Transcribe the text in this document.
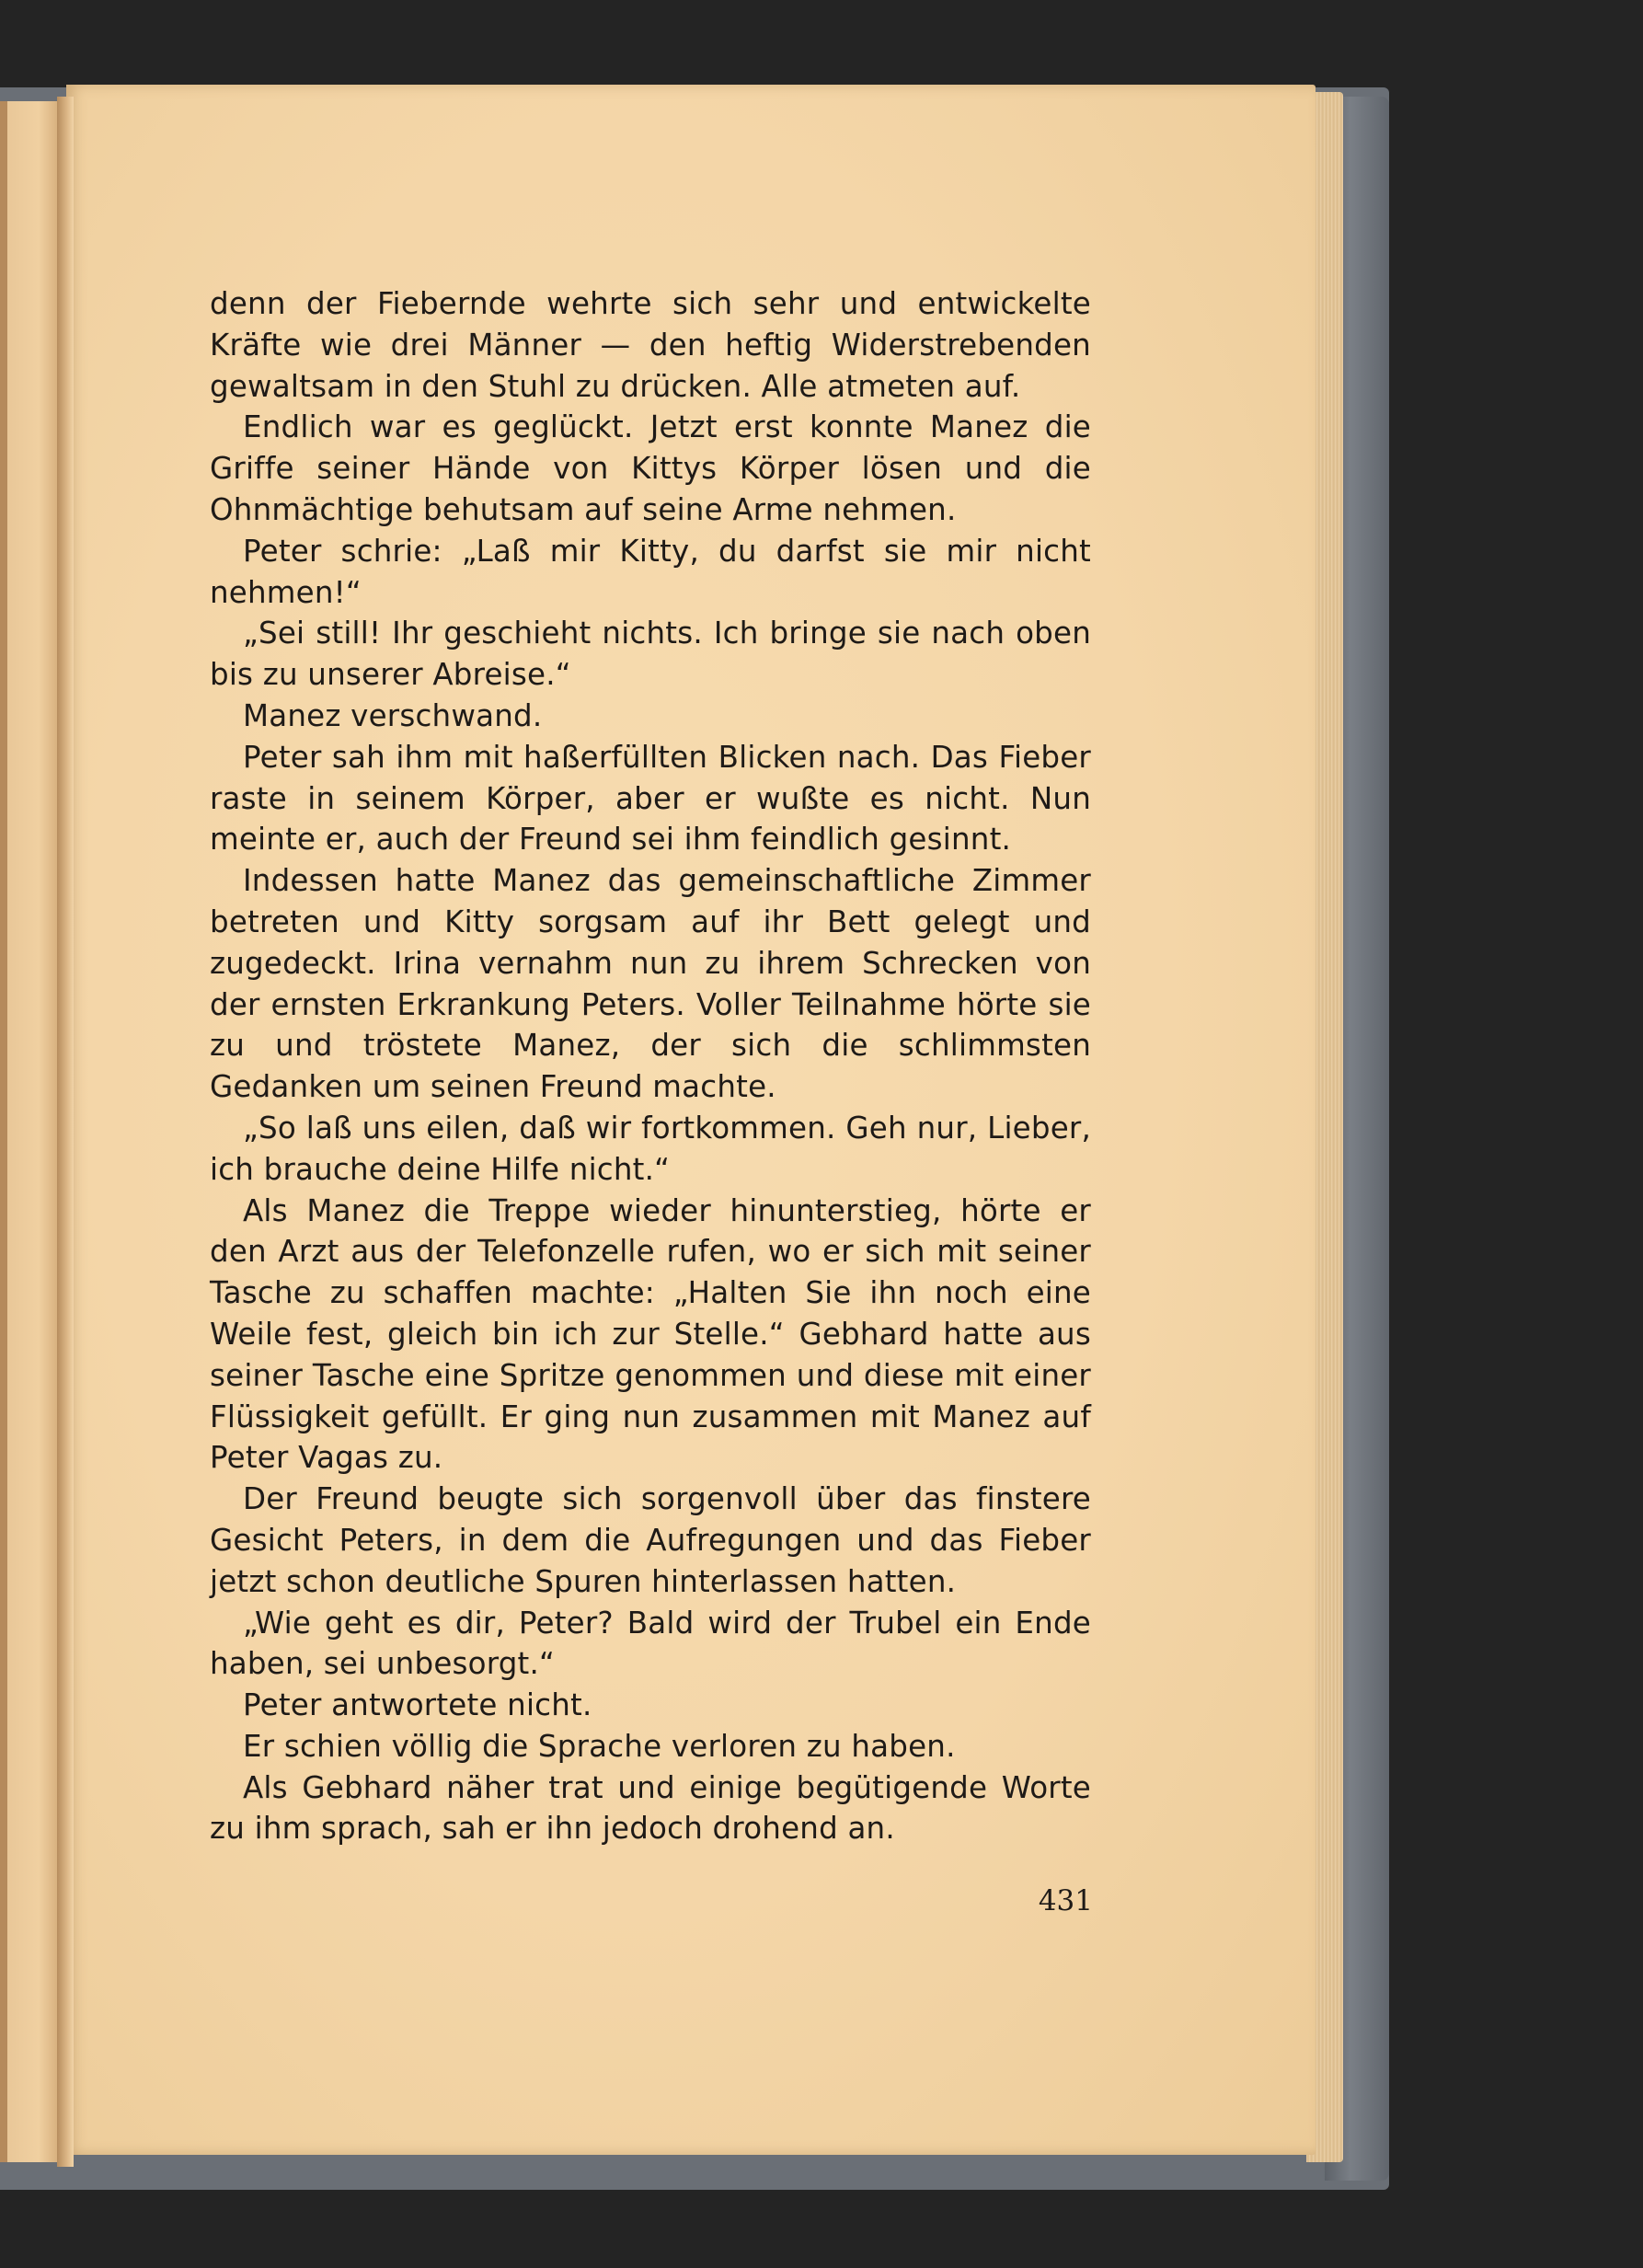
denn der Fiebernde wehrte sich sehr und entwickelte Kräfte wie drei Männer — den heftig Widerstrebenden gewaltsam in den Stuhl zu drücken. Alle atmeten auf.

Endlich war es geglückt. Jetzt erst konnte Manez die Griffe seiner Hände von Kittys Körper lösen und die Ohnmächtige behutsam auf seine Arme nehmen.

Peter schrie: „Laß mir Kitty, du darfst sie mir nicht nehmen!“

„Sei still! Ihr geschieht nichts. Ich bringe sie nach oben bis zu unserer Abreise.“

Manez verschwand.

Peter sah ihm mit haßerfüllten Blicken nach. Das Fieber raste in seinem Körper, aber er wußte es nicht. Nun meinte er, auch der Freund sei ihm feindlich gesinnt.

Indessen hatte Manez das gemeinschaftliche Zimmer betreten und Kitty sorgsam auf ihr Bett gelegt und zugedeckt. Irina vernahm nun zu ihrem Schrecken von der ernsten Erkrankung Peters. Voller Teilnahme hörte sie zu und tröstete Manez, der sich die schlimmsten Gedanken um seinen Freund machte.

„So laß uns eilen, daß wir fortkommen. Geh nur, Lieber, ich brauche deine Hilfe nicht.“

Als Manez die Treppe wieder hinunterstieg, hörte er den Arzt aus der Telefonzelle rufen, wo er sich mit seiner Tasche zu schaffen machte: „Halten Sie ihn noch eine Weile fest, gleich bin ich zur Stelle.“ Gebhard hatte aus seiner Tasche eine Spritze genommen und diese mit einer Flüssigkeit gefüllt. Er ging nun zusammen mit Manez auf Peter Vagas zu.

Der Freund beugte sich sorgenvoll über das finstere Gesicht Peters, in dem die Aufregungen und das Fieber jetzt schon deutliche Spuren hinterlassen hatten.

„Wie geht es dir, Peter? Bald wird der Trubel ein Ende haben, sei unbesorgt.“

Peter antwortete nicht.

Er schien völlig die Sprache verloren zu haben.

Als Gebhard näher trat und einige begütigende Worte zu ihm sprach, sah er ihn jedoch drohend an.

431
